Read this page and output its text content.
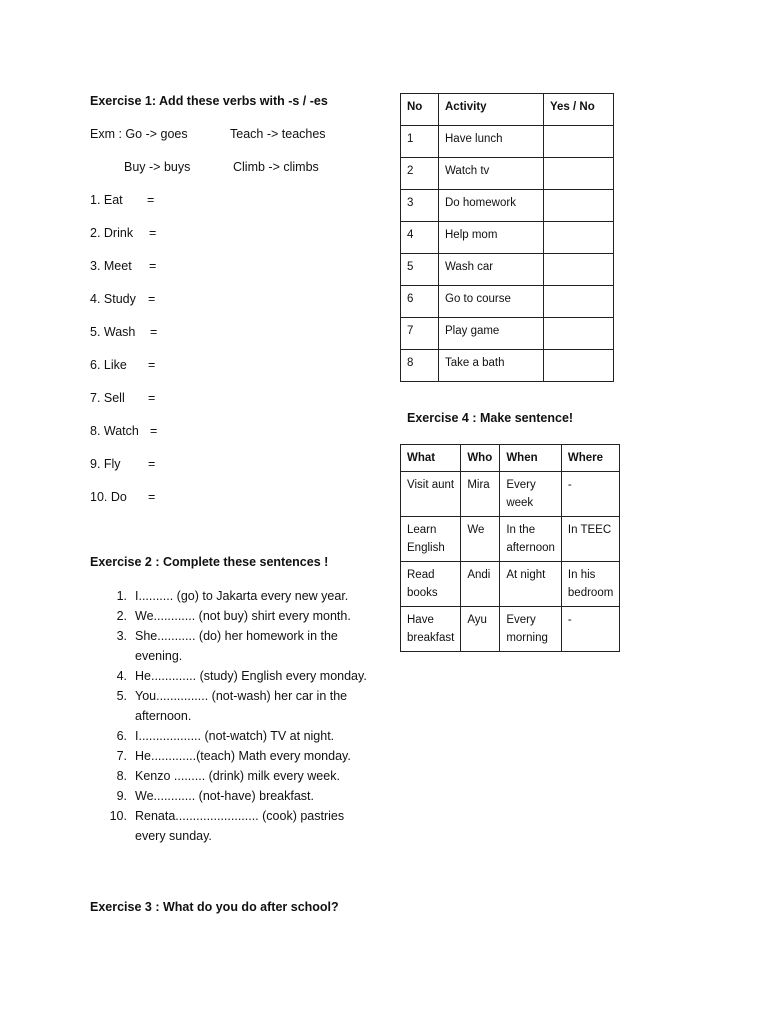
Exercise 1: Add these verbs with -s / -es
Exm : Go -> goes	Teach -> teaches
Buy -> buys	Climb -> climbs
1. Eat =
2. Drink =
3. Meet =
4. Study =
5. Wash =
6. Like =
7. Sell =
8. Watch =
9. Fly =
10. Do =
Exercise 2 : Complete these sentences !
1. I.......... (go) to Jakarta every new year.
2. We............ (not buy) shirt every month.
3. She........... (do) her homework in the evening.
4. He............. (study) English every monday.
5. You............... (not-wash) her car in the afternoon.
6. I.................. (not-watch) TV at night.
7. He.............(teach) Math every monday.
8. Kenzo ......... (drink) milk every week.
9. We............ (not-have) breakfast.
10. Renata........................ (cook) pastries every sunday.
Exercise 3 : What do you do after school?
No	Activity	Yes / No
1	Have lunch	
2	Watch tv	
3	Do homework	
4	Help mom	
5	Wash car	
6	Go to course	
7	Play game	
8	Take a bath	
Exercise 4 : Make sentence!
What	Who	When	Where
Visit aunt	Mira	Every week	-
Learn English	We	In the afternoon	In TEEC
Read books	Andi	At night	In his bedroom
Have breakfast	Ayu	Every morning	-
